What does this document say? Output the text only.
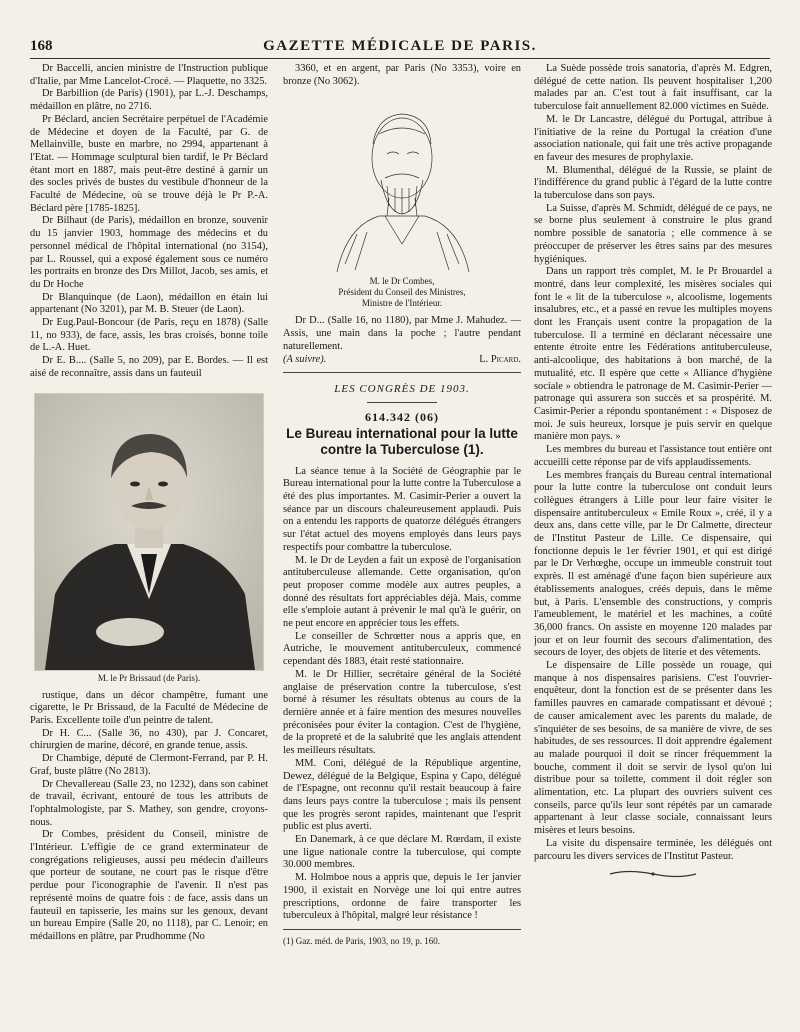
168	GAZETTE MÉDICALE DE PARIS.

Dr Baccelli, ancien ministre de l'Instruction publique d'Italie, par Mme Lancelot-Crocé. — Plaquette, no 3325.

Dr Barbillion (de Paris) (1901), par L.-J. Deschamps, médaillon en plâtre, no 2716.

Pr Béclard, ancien Secrétaire perpétuel de l'Académie de Médecine et doyen de la Faculté, par G. de Mellainville, buste en marbre, no 2994, appartenant à l'Etat. — Hommage sculptural bien tardif, le Pr Béclard étant mort en 1887, mais peut-être destiné à garnir un des socles privés de bustes du vestibule d'honneur de la Faculté de Médecine, où se trouve déjà le Pr P.-A. Béclard père [1785-1825].

Dr Bilhaut (de Paris), médaillon en bronze, souvenir du 15 janvier 1903, hommage des médecins et du personnel médical de l'hôpital international (no 3154), par L. Roussel, qui a exposé également sous ce numéro les portraits en bronze des Drs Millot, Jacob, ses amis, et du Dr Hoche

Dr Blanquinque (de Laon), médaillon en étain lui appartenant (No 3201), par M. B. Steuer (de Laon).

Dr Eug.Paul-Boncour (de Paris, reçu en 1878) (Salle 11, no 933), de face, assis, les bras croisés, bonne toile de L.-A. Huet.

Dr E. B.... (Salle 5, no 209), par E. Bordes. — Il est aisé de reconnaître, assis dans un fauteuil

M. le Pr Brissaud (de Paris).

rustique, dans un décor champêtre, fumant une cigarette, le Pr Brissaud, de la Faculté de Médecine de Paris. Excellente toile d'un peintre de talent.

Dr H. C... (Salle 36, no 430), par J. Concaret, chirurgien de marine, décoré, en grande tenue, assis.

Dr Chambige, député de Clermont-Ferrand, par P. H. Graf, buste plâtre (No 2813).

Dr Chevallereau (Salle 23, no 1232), dans son cabinet de travail, écrivant, entouré de tous les attributs de l'ophtalmologiste, par S. Mathey, son gendre, croyons-nous.

Dr Combes, président du Conseil, ministre de l'Intérieur. L'effigie de ce grand exterminateur de congrégations religieuses, aussi peu médecin d'ailleurs que porteur de soutane, ne court pas le risque d'être perdue pour l'iconographie de l'avenir. Il n'est pas représenté moins de quatre fois : de face, assis dans un fauteuil en tapisserie, les mains sur les genoux, devant un bureau Empire (Salle 20, no 1118), par C. Lenoir; en médaillons en plâtre, par Prudhomme (No

3360, et en argent, par Paris (No 3353), voire en bronze (No 3062).

M. le Dr Combes,
Président du Conseil des Ministres,
Ministre de l'Intérieur.

Dr D... (Salle 16, no 1180), par Mme J. Mahudez. — Assis, une main dans la poche ; l'autre pendant naturellement.

(A suivre).	L. Picard.
LES CONGRÈS DE 1903.
614.342 (06)
Le Bureau international pour la lutte contre la Tuberculose (1).

La séance tenue à la Société de Géographie par le Bureau international pour la lutte contre la Tuberculose a été des plus importantes. M. Casimir-Perier a ouvert la séance par un discours chaleureusement applaudi. Puis on a entendu les rapports de quatorze délégués étrangers sur l'état actuel des moyens employés dans leurs pays respectifs pour combattre la tuberculose.

M. le Dr de Leyden a fait un exposé de l'organisation antituberculeuse allemande. Cette organisation, qu'on peut proposer comme modèle aux autres peuples, a donné des résultats fort appréciables déjà. Mais, comme elle s'emploie autant à prévenir le mal qu'à le guérir, on ne peut encore en apprécier tous les effets.

Le conseiller de Schrœtter nous a appris que, en Autriche, le mouvement antituberculeux, commencé cependant dès 1883, était resté stationnaire.

M. le Dr Hillier, secrétaire général de la Société anglaise de préservation contre la tuberculose, s'est borné à résumer les résultats obtenus au cours de la dernière année et à faire mention des mesures nouvelles préconisées pour éviter la contagion. C'est de l'hygiène, de la propreté et de la salubrité que les anglais attendent les meilleurs résultats.

MM. Coni, délégué de la République argentine, Dewez, délégué de la Belgique, Espina y Capo, délégué de l'Espagne, ont reconnu qu'il restait beaucoup à faire dans leurs pays contre la tuberculose ; mais ils pensent que les progrès seront rapides, maintenant que l'esprit public est plus averti.

En Danemark, à ce que déclare M. Rœrdam, il existe une ligue nationale contre la tuberculose, qui compte 30.000 membres.

M. Holmboe nous a appris que, depuis le 1er janvier 1900, il existait en Norvège une loi qui entre autres prescriptions, ordonne de faire transporter les tuberculeux à l'hôpital, malgré leur résistance !

(1) Gaz. méd. de Paris, 1903, no 19, p. 160.

La Suède possède trois sanatoria, d'après M. Edgren, délégué de cette nation. Ils peuvent hospitaliser 1,200 malades par an. C'est tout à fait insuffisant, car la tuberculose fait annuellement 82.000 victimes en Suède.

M. le Dr Lancastre, délégué du Portugal, attribue à l'initiative de la reine du Portugal la création d'une association nationale, qui fait une très active propagande en faveur des mesures de prophylaxie.

M. Blumenthal, délégué de la Russie, se plaint de l'indifférence du grand public à l'égard de la lutte contre la tuberculose dans son pays.

La Suisse, d'après M. Schmidt, délégué de ce pays, ne se borne plus seulement à construire le plus grand nombre possible de sanatoria ; elle commence à se préoccuper de préserver les êtres sains par des mesures hygiéniques.

Dans un rapport très complet, M. le Pr Brouardel a montré, dans leur complexité, les misères sociales qui font le « lit de la tuberculose », alcoolisme, logements insalubres, etc., et a passé en revue les multiples moyens dont les Français usent contre la propagation de la tuberculose. Il a terminé en déclarant nécessaire une entente étroite entre les Fédérations antituberculeuse, anti-alcoolique, des habitations à bon marché, de la mutualité, etc. Il espère que cette « Alliance d'hygiène sociale » obtiendra le patronage de M. Casimir-Perier — patronage qui assurera son succès et sa prospérité. M. Casimir-Perier a répondu spontanément : « Disposez de moi. Je suis heureux, lorsque je puis servir en quelque manière mon pays. »

Les membres du bureau et l'assistance tout entière ont accueilli cette réponse par de vifs applaudissements.

Les membres français du Bureau central international pour la lutte contre la tuberculose ont conduit leurs collègues étrangers à Lille pour leur faire visiter le dispensaire antituberculeux « Emile Roux », créé, il y a deux ans, dans cette ville, par le Dr Calmette, directeur de l'Institut Pasteur de Lille. Ce dispensaire, qui fonctionne depuis le 1er février 1901, et qui est dirigé par le Dr Verhœghe, occupe un immeuble construit tout exprès. Il est aménagé d'une façon bien supérieure aux établissements analogues, créés depuis, dans le même but, à Paris. L'ensemble des constructions, y compris l'ameublement, le matériel et les machines, a coûté 36,000 francs. On assiste en moyenne 120 malades par jour et on leur fournit des secours d'alimentation, des secours de loyer, des objets de literie et des vêtements.

Le dispensaire de Lille possède un rouage, qui manque à nos dispensaires parisiens. C'est l'ouvrier-enquêteur, dont la fonction est de se présenter dans les familles pauvres en camarade compatissant et dévoué ; de causer amicalement avec les parents du malade, de s'inquiéter de ses besoins, de sa manière de vivre, de ses habitudes, de ses ressources. Il doit apprendre également au malade pourquoi il doit se rincer fréquemment la bouche, comment il doit se servir de lysol qu'on lui distribue pour sa toilette, comment il doit régler son alimentation, etc. La plupart des ouvriers suivent ces conseils, parce qu'ils leur sont répétés par un camarade appartenant à leur classe sociale, connaissant leurs misères et leurs besoins.

La visite du dispensaire terminée, les délégués ont parcouru les divers services de l'Institut Pasteur.
